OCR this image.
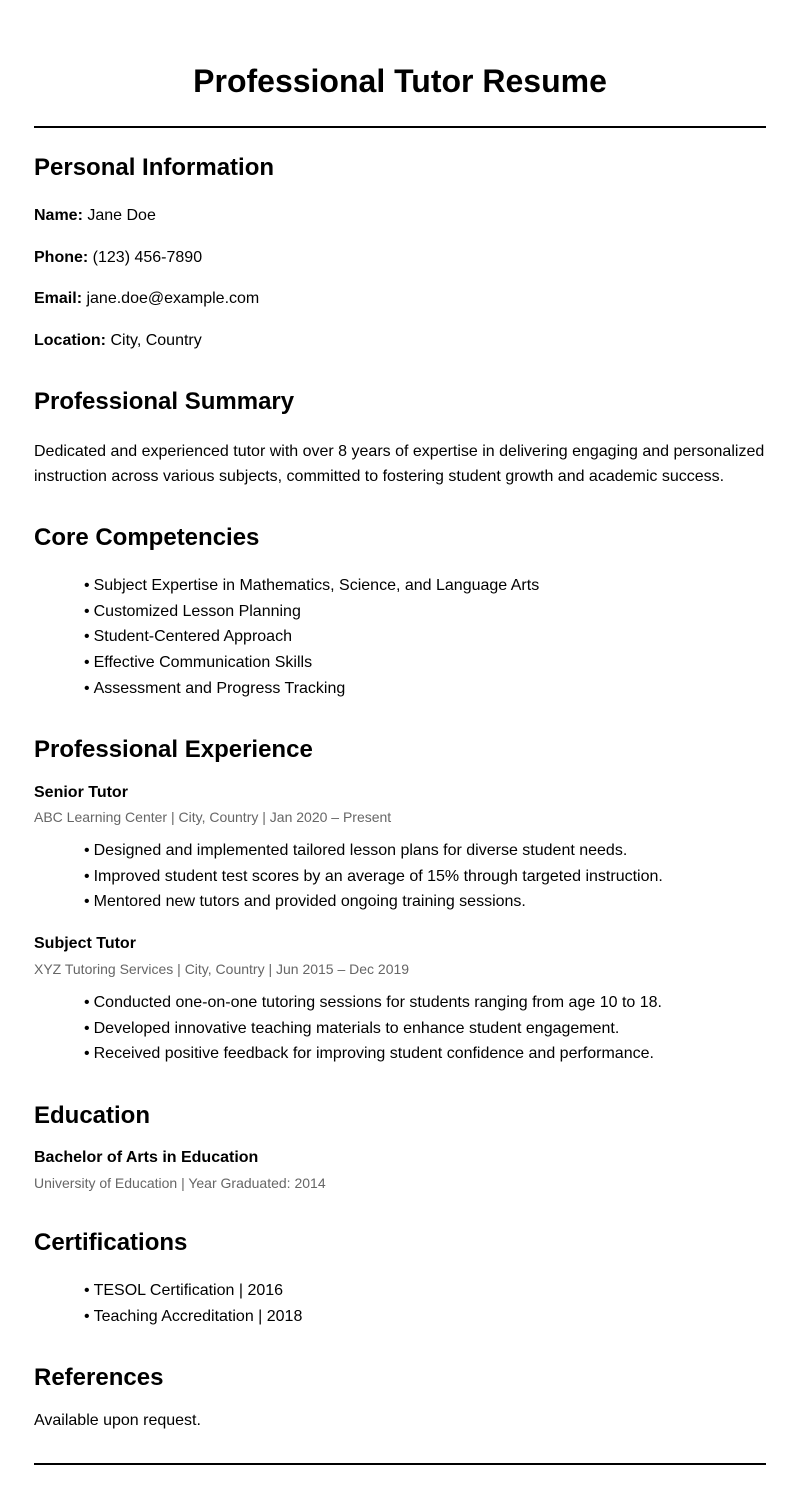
Professional Tutor Resume
Personal Information
Name: Jane Doe
Phone: (123) 456-7890
Email: jane.doe@example.com
Location: City, Country
Professional Summary
Dedicated and experienced tutor with over 8 years of expertise in delivering engaging and personalized instruction across various subjects, committed to fostering student growth and academic success.
Core Competencies
• Subject Expertise in Mathematics, Science, and Language Arts
• Customized Lesson Planning
• Student-Centered Approach
• Effective Communication Skills
• Assessment and Progress Tracking
Professional Experience
Senior Tutor
ABC Learning Center | City, Country | Jan 2020 – Present
• Designed and implemented tailored lesson plans for diverse student needs.
• Improved student test scores by an average of 15% through targeted instruction.
• Mentored new tutors and provided ongoing training sessions.
Subject Tutor
XYZ Tutoring Services | City, Country | Jun 2015 – Dec 2019
• Conducted one-on-one tutoring sessions for students ranging from age 10 to 18.
• Developed innovative teaching materials to enhance student engagement.
• Received positive feedback for improving student confidence and performance.
Education
Bachelor of Arts in Education
University of Education | Year Graduated: 2014
Certifications
• TESOL Certification | 2016
• Teaching Accreditation | 2018
References
Available upon request.
